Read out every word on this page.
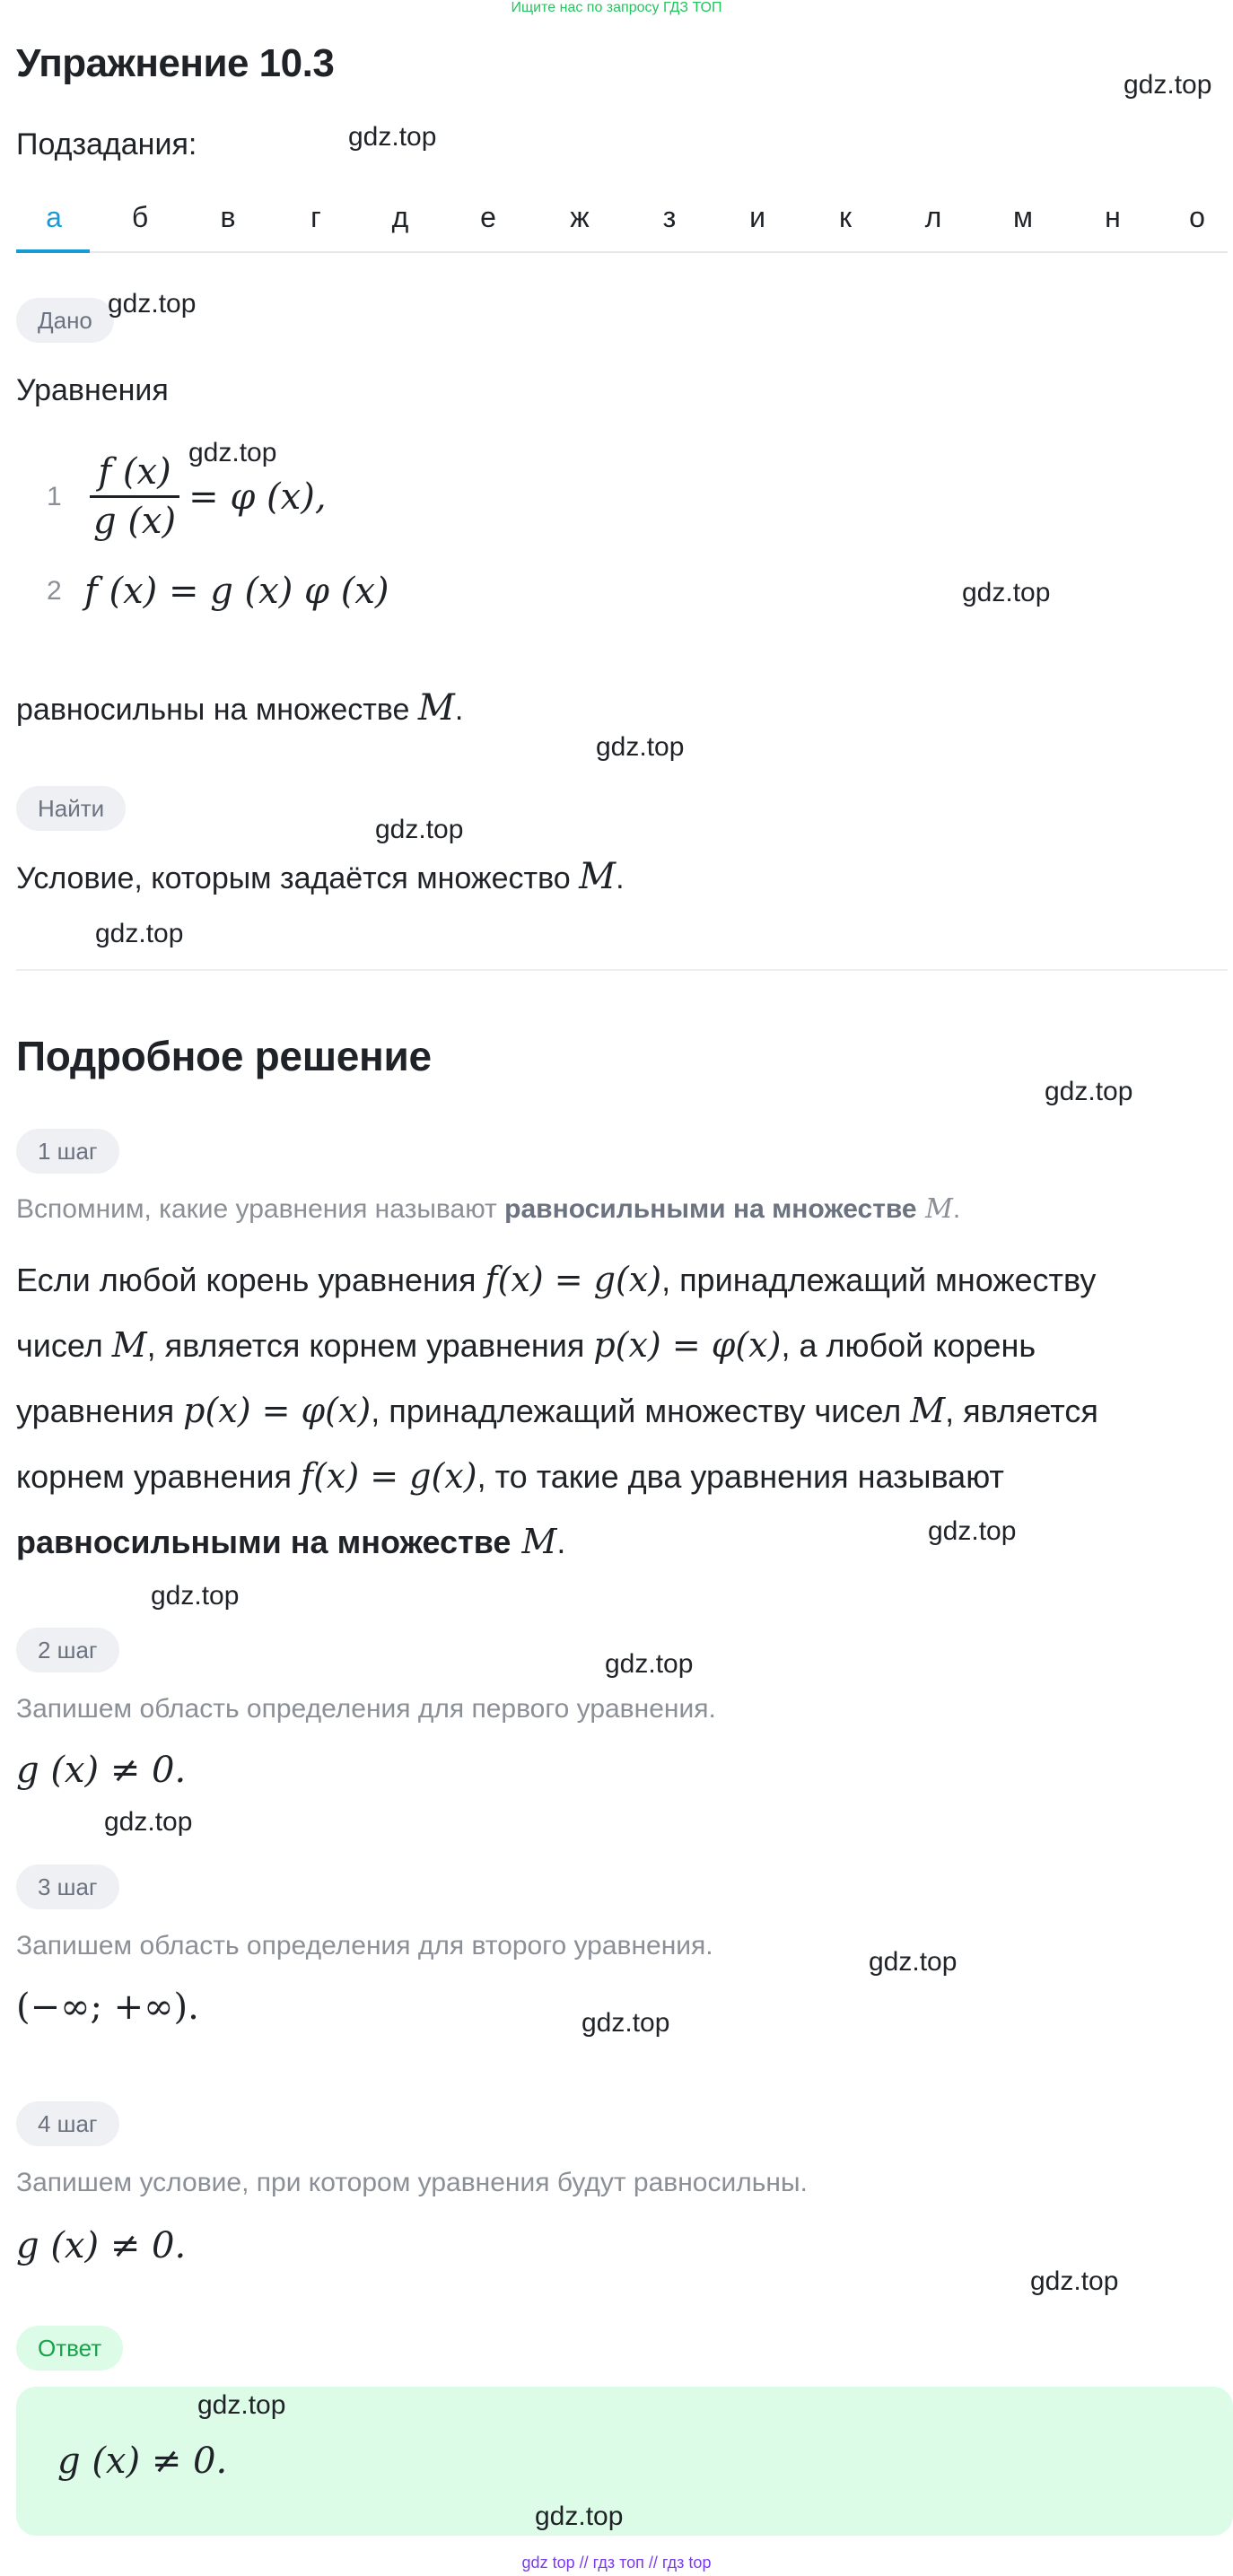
Ищите нас по запросу ГДЗ ТОП
Упражнение 10.3	gdz.top
Подзадания:	gdz.top
а	б	в	г	д	е	ж	з	и	к	л	м	н	о
Дано
gdz.top
Уравнения
gdz.top
$1 \frac{f (x)}{g (x)} = \varphi$ (x),
2 f (x) = g (x) φ (x)	gdz.top
равносильны на множестве M.
gdz.top
Найти
gdz.top
Условие, которым задаётся множество M.
gdz.top
Подробное решение
gdz.top
1 шаг
Вспомним, какие уравнения называют равносильными на множестве M.
Если любой корень уравнения f(x) = g(x), принадлежащий множеству
чисел M, является корнем уравнения p(x) = φ(x), а любой корень
уравнения p(x) = φ(x), принадлежащий множеству чисел M, является
корнем уравнения f(x) = g(x), то такие два уравнения называют
равносильными на множестве M.	gdz.top
gdz.top
2 шаг	gdz.top
Запишем область определения для первого уравнения.
g (x) ≠ 0.
gdz.top
3 шаг
Запишем область определения для второго уравнения.
gdz.top
(−∞; +∞).	gdz.top
4 шаг
Запишем условие, при котором уравнения будут равносильны.
g (x) ≠ 0.
gdz.top
Ответ
gdz.top
g (x) ≠ 0.
gdz.top
gdz top // гдз топ // гдз top
